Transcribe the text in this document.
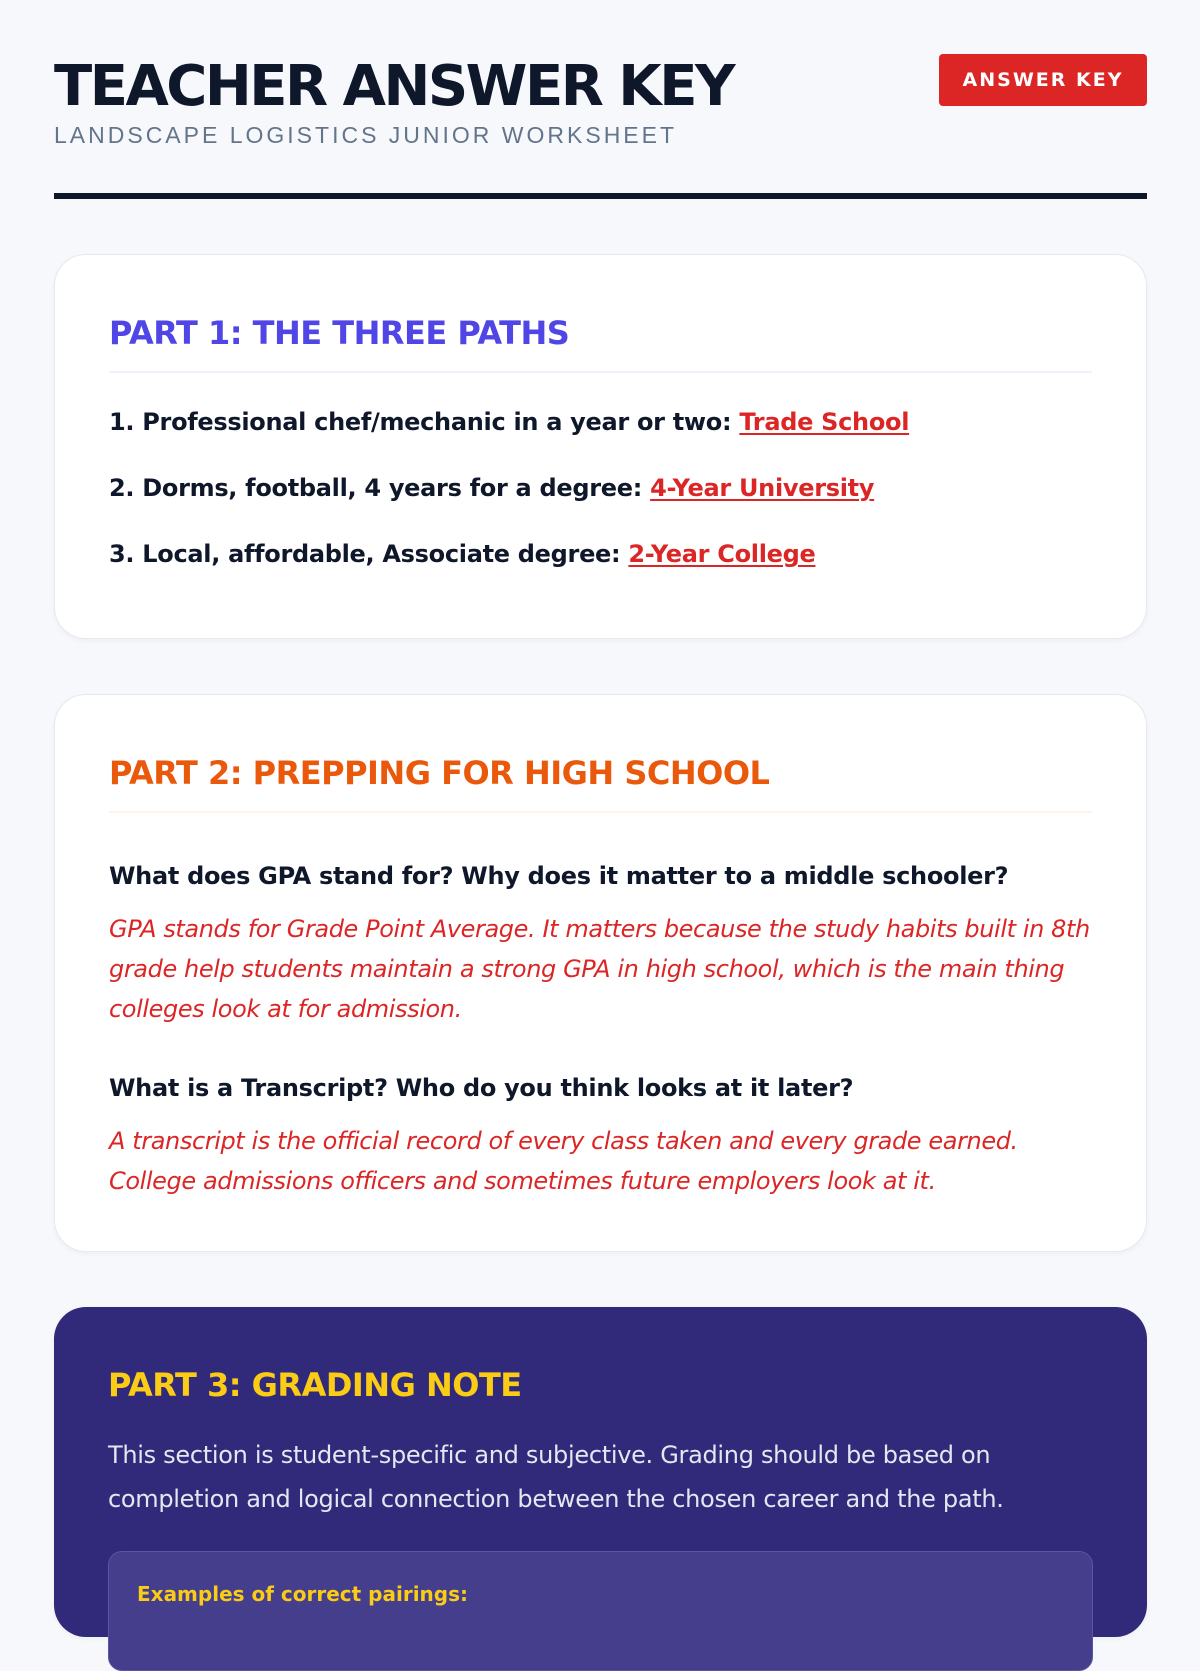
TEACHER ANSWER KEY
LANDSCAPE LOGISTICS JUNIOR WORKSHEET
ANSWER KEY
PART 1: THE THREE PATHS

1. Professional chef/mechanic in a year or two: Trade School

2. Dorms, football, 4 years for a degree: 4-Year University

3. Local, affordable, Associate degree: 2-Year College

PART 2: PREPPING FOR HIGH SCHOOL

What does GPA stand for? Why does it matter to a middle schooler?

GPA stands for Grade Point Average. It matters because the study habits built in 8th grade help students maintain a strong GPA in high school, which is the main thing colleges look at for admission.

What is a Transcript? Who do you think looks at it later?

A transcript is the official record of every class taken and every grade earned. College admissions officers and sometimes future employers look at it.

PART 3: GRADING NOTE

This section is student-specific and subjective. Grading should be based on completion and logical connection between the chosen career and the path.

Examples of correct pairings:
